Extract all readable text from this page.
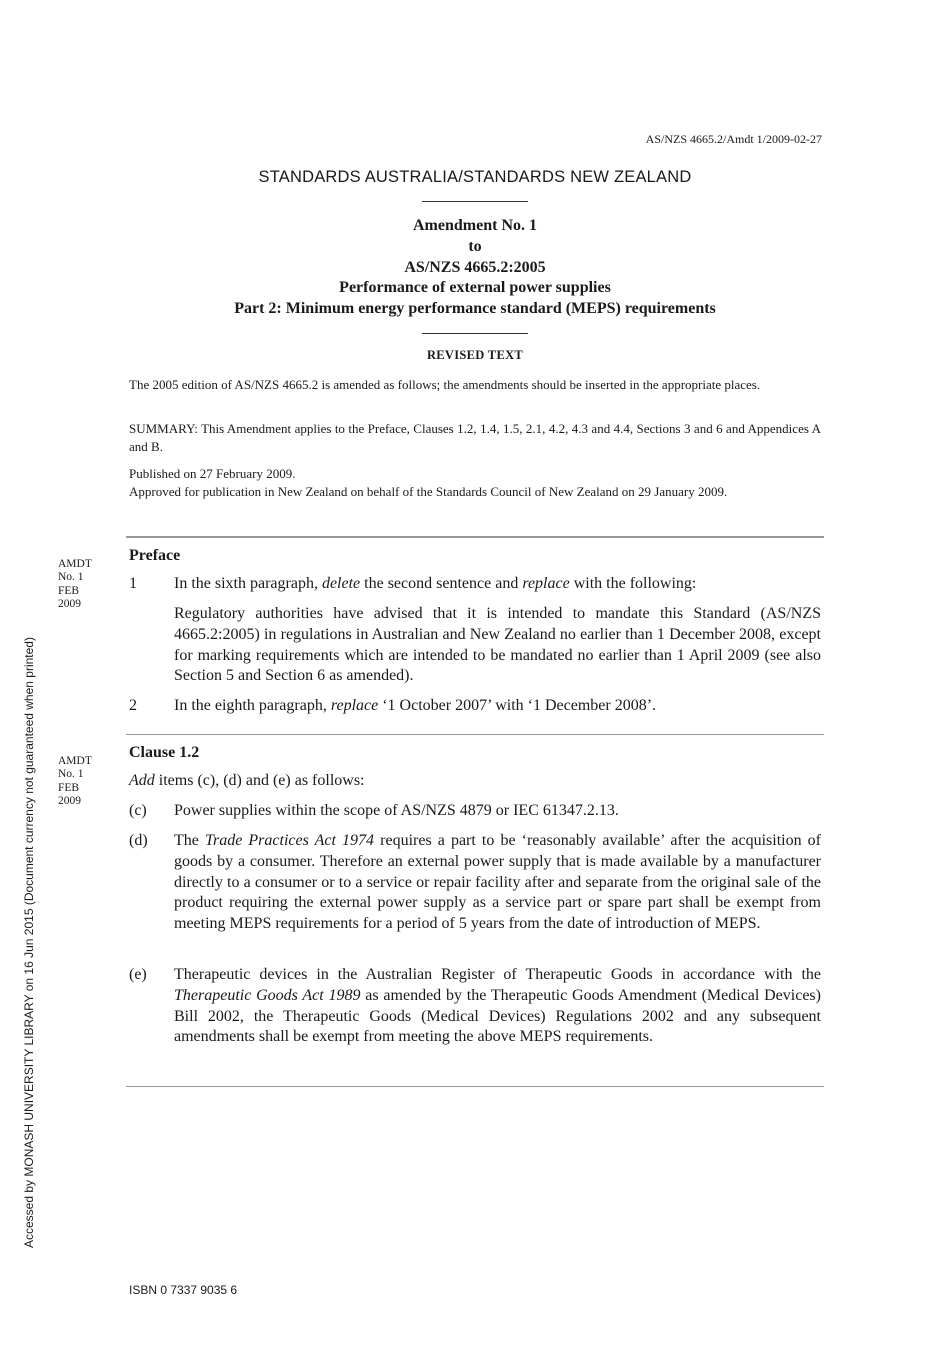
AS/NZS 4665.2/Amdt 1/2009-02-27
STANDARDS AUSTRALIA/STANDARDS NEW ZEALAND
Amendment No. 1
to
AS/NZS 4665.2:2005
Performance of external power supplies
Part 2: Minimum energy performance standard (MEPS) requirements
REVISED TEXT

The 2005 edition of AS/NZS 4665.2 is amended as follows; the amendments should be inserted in the appropriate places.

SUMMARY: This Amendment applies to the Preface, Clauses 1.2, 1.4, 1.5, 2.1, 4.2, 4.3 and 4.4, Sections 3 and 6 and Appendices A and B.

Published on 27 February 2009.

Approved for publication in New Zealand on behalf of the Standards Council of New Zealand on 29 January 2009.

AMDT
No. 1
FEB
2009
AMDT
No. 1
FEB
2009
Preface
1 In the sixth paragraph, delete the second sentence and replace with the following:
Regulatory authorities have advised that it is intended to mandate this Standard (AS/NZS 4665.2:2005) in regulations in Australian and New Zealand no earlier than 1 December 2008, except for marking requirements which are intended to be mandated no earlier than 1 April 2009 (see also Section 5 and Section 6 as amended).
2 In the eighth paragraph, replace ‘1 October 2007’ with ‘1 December 2008’.
Clause 1.2
Add items (c), (d) and (e) as follows:
(c) Power supplies within the scope of AS/NZS 4879 or IEC 61347.2.13.
(d) The Trade Practices Act 1974 requires a part to be ‘reasonably available’ after the acquisition of goods by a consumer. Therefore an external power supply that is made available by a manufacturer directly to a consumer or to a service or repair facility after and separate from the original sale of the product requiring the external power supply as a service part or spare part shall be exempt from meeting MEPS requirements for a period of 5 years from the date of introduction of MEPS.
(e) Therapeutic devices in the Australian Register of Therapeutic Goods in accordance with the Therapeutic Goods Act 1989 as amended by the Therapeutic Goods Amendment (Medical Devices) Bill 2002, the Therapeutic Goods (Medical Devices) Regulations 2002 and any subsequent amendments shall be exempt from meeting the above MEPS requirements.
Accessed by MONASH UNIVERSITY LIBRARY on 16 Jun 2015 (Document currency not guaranteed when printed)
ISBN 0 7337 9035 6
